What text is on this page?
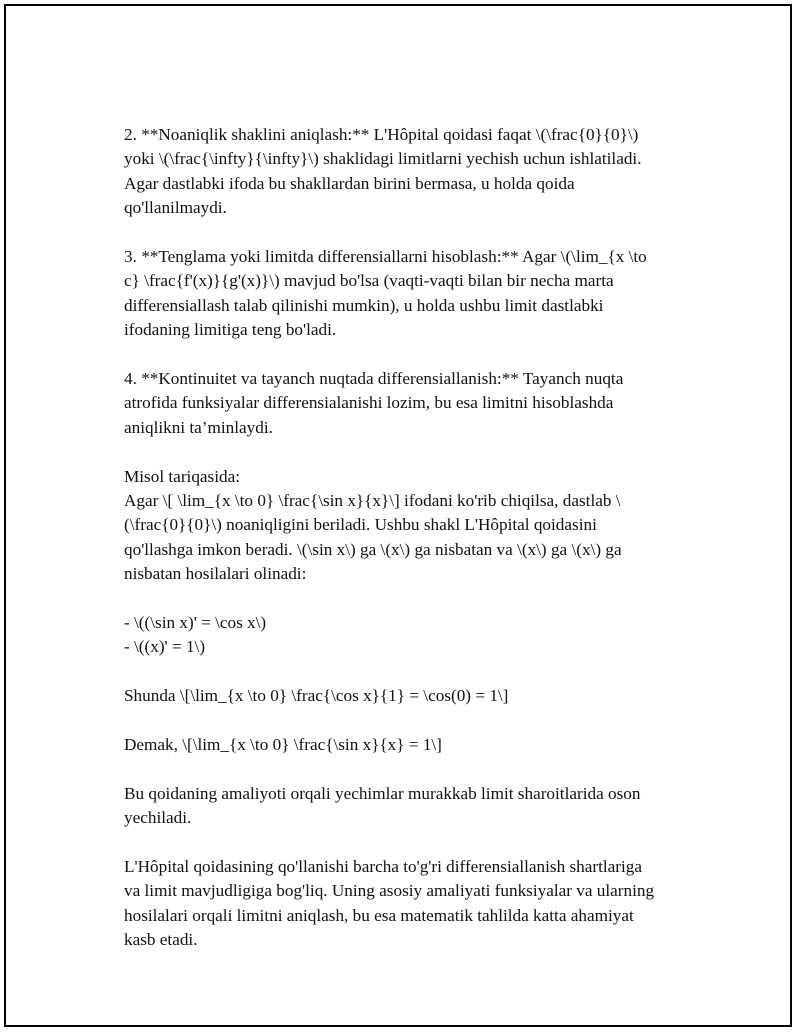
2. **Noaniqlik shaklini aniqlash:** L'Hôpital qoidasi faqat \(\frac{0}{0}\)
yoki \(\frac{\infty}{\infty}\) shaklidagi limitlarni yechish uchun ishlatiladi.
Agar dastlabki ifoda bu shakllardan birini bermasa, u holda qoida
qo'llanilmaydi.

3. **Tenglama yoki limitda differensiallarni hisoblash:** Agar \(\lim_{x \to
c} \frac{f'(x)}{g'(x)}\) mavjud bo'lsa (vaqti-vaqti bilan bir necha marta
differensiallash talab qilinishi mumkin), u holda ushbu limit dastlabki
ifodaning limitiga teng bo'ladi.

4. **Kontinuitet va tayanch nuqtada differensiallanish:** Tayanch nuqta
atrofida funksiyalar differensialanishi lozim, bu esa limitni hisoblashda
aniqlikni ta’minlaydi.

Misol tariqasida:
Agar \[ \lim_{x \to 0} \frac{\sin x}{x}\] ifodani ko'rib chiqilsa, dastlab \
(\frac{0}{0}\) noaniqligini beriladi. Ushbu shakl L'Hôpital qoidasini
qo'llashga imkon beradi. \(\sin x\) ga \(x\) ga nisbatan va \(x\) ga \(x\) ga
nisbatan hosilalari olinadi:

- \((\sin x)' = \cos x\)
- \((x)' = 1\)

Shunda \[\lim_{x \to 0} \frac{\cos x}{1} = \cos(0) = 1\]

Demak, \[\lim_{x \to 0} \frac{\sin x}{x} = 1\]

Bu qoidaning amaliyoti orqali yechimlar murakkab limit sharoitlarida oson
yechiladi.

L'Hôpital qoidasining qo'llanishi barcha to'g'ri differensiallanish shartlariga
va limit mavjudligiga bog'liq. Uning asosiy amaliyati funksiyalar va ularning
hosilalari orqali limitni aniqlash, bu esa matematik tahlilda katta ahamiyat
kasb etadi.
